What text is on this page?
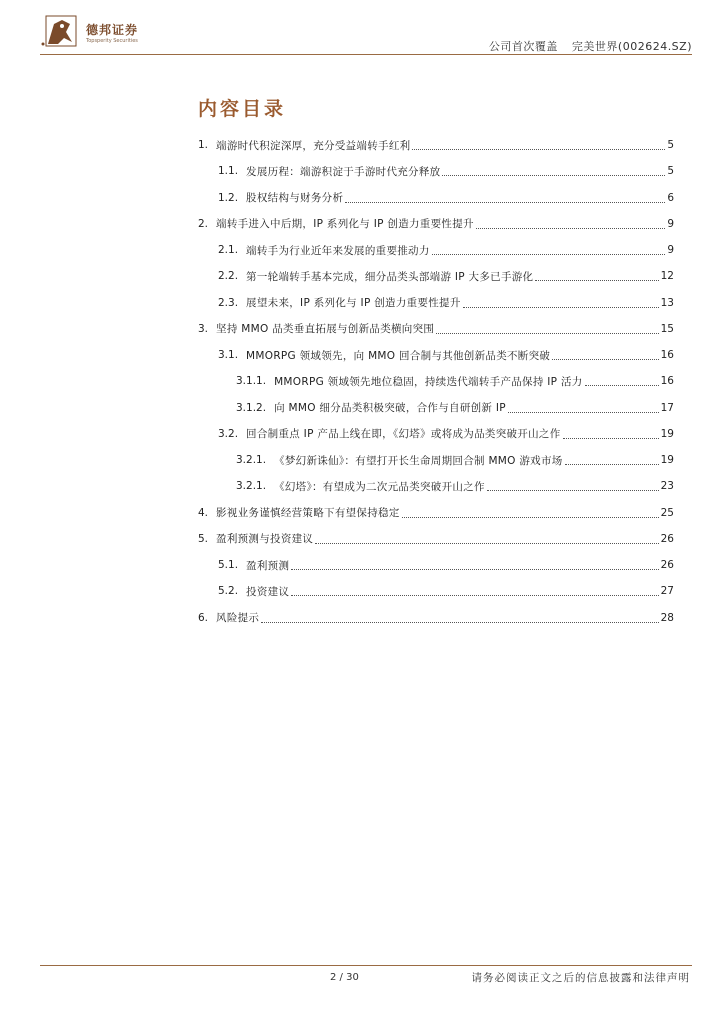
德邦证券
Topsperity Securities	公司首次覆盖 完美世界(002624.SZ)
内容目录
1. 端游时代积淀深厚，充分受益端转手红利	5
1.1. 发展历程：端游积淀于手游时代充分释放	5
1.2. 股权结构与财务分析	6
2. 端转手进入中后期，IP 系列化与 IP 创造力重要性提升	9
2.1. 端转手为行业近年来发展的重要推动力	9
2.2. 第一轮端转手基本完成，细分品类头部端游 IP 大多已手游化	12
2.3. 展望未来，IP 系列化与 IP 创造力重要性提升	13
3. 坚持 MMO 品类垂直拓展与创新品类横向突围	15
3.1. MMORPG 领域领先，向 MMO 回合制与其他创新品类不断突破	16
3.1.1. MMORPG 领域领先地位稳固，持续迭代端转手产品保持 IP 活力	16
3.1.2. 向 MMO 细分品类积极突破，合作与自研创新 IP	17
3.2. 回合制重点 IP 产品上线在即，《幻塔》或将成为品类突破开山之作	19
3.2.1. 《梦幻新诛仙》：有望打开长生命周期回合制 MMO 游戏市场	19
3.2.1. 《幻塔》：有望成为二次元品类突破开山之作	23
4. 影视业务谨慎经营策略下有望保持稳定	25
5. 盈利预测与投资建议	26
5.1. 盈利预测	26
5.2. 投资建议	27
6. 风险提示	28
2 / 30	请务必阅读正文之后的信息披露和法律声明
